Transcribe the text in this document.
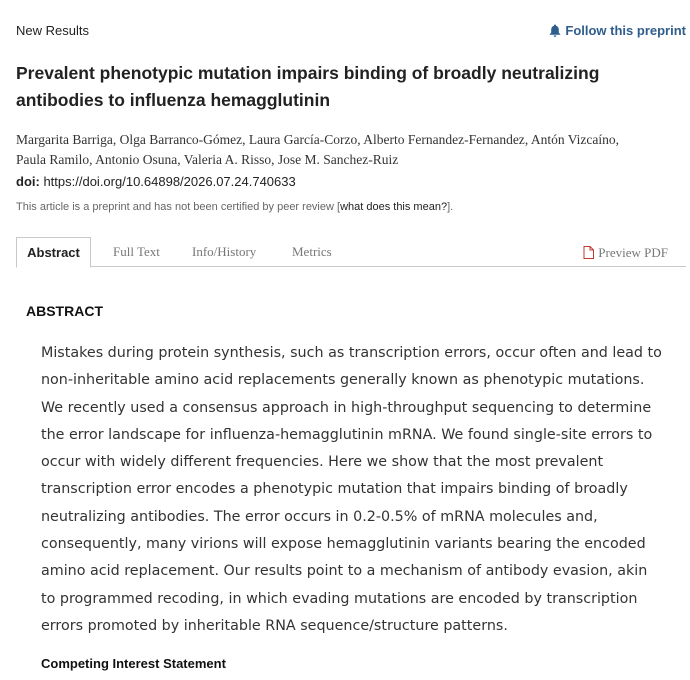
New Results	Follow this preprint
Prevalent phenotypic mutation impairs binding of broadly neutralizing antibodies to influenza hemagglutinin
Margarita Barriga, Olga Barranco-Gómez, Laura García-Corzo, Alberto Fernandez-Fernandez, Antón Vizcaíno,
Paula Ramilo, Antonio Osuna, Valeria A. Risso, Jose M. Sanchez-Ruiz
doi: https://doi.org/10.64898/2026.07.24.740633
This article is a preprint and has not been certified by peer review [what does this mean?].
Abstract	Full Text Info/History	Metrics	Preview PDF
ABSTRACT

Mistakes during protein synthesis, such as transcription errors, occur often and lead to non-inheritable amino acid replacements generally known as phenotypic mutations. We recently used a consensus approach in high-throughput sequencing to determine the error landscape for influenza-hemagglutinin mRNA. We found single-site errors to occur with widely different frequencies. Here we show that the most prevalent transcription error encodes a phenotypic mutation that impairs binding of broadly neutralizing antibodies. The error occurs in 0.2-0.5% of mRNA molecules and, consequently, many virions will expose hemagglutinin variants bearing the encoded amino acid replacement. Our results point to a mechanism of antibody evasion, akin to programmed recoding, in which evading mutations are encoded by transcription errors promoted by inheritable RNA sequence/structure patterns.

Competing Interest Statement
